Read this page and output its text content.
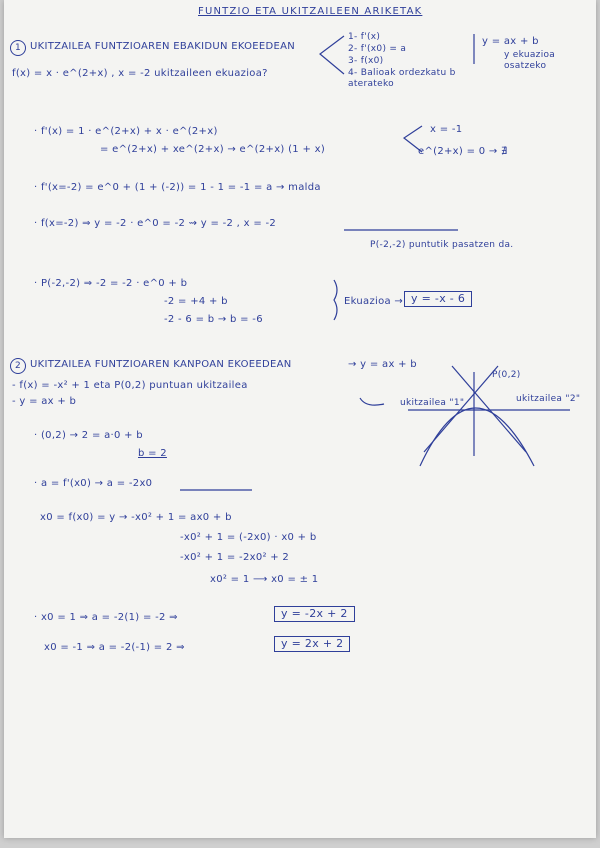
FUNTZIO ETA UKITZAILEEN ARIKETAK
1 UKITZAILEA FUNTZIOAREN EBAKIDUN EKOEEDEAN
f(x) = x · e^(2+x) , x = -2 ukitzaileen ekuazioa?
1- f'(x)
2- f'(x0) = a
3- f(x0)
4- Balioak ordezkatu b aterateko
y = ax + b
y ekuazioa osatzeko
· f'(x) = 1 · e^(2+x) + x · e^(2+x)
= e^(2+x) + xe^(2+x) → e^(2+x) (1 + x)
x = -1
e^(2+x) = 0 → ∄
· f'(x=-2) = e^0 + (1 + (-2)) = 1 - 1 = -1 = a → malda
· f(x=-2) ⇒ y = -2 · e^0 = -2 ⇝ y = -2 , x = -2
P(-2,-2) puntutik pasatzen da.
· P(-2,-2) ⇒ -2 = -2 · e^0 + b
-2 = +4 + b
-2 - 6 = b → b = -6
Ekuazioa → y = -x - 6
2 UKITZAILEA FUNTZIOAREN KANPOAN EKOEEDEAN	→ y = ax + b
- f(x) = -x² + 1 eta P(0,2) puntuan ukitzailea
- y = ax + b
P(0,2)
ukitzailea "1"	ukitzailea "2"
· (0,2) → 2 = a·0 + b
b = 2
· a = f'(x0) → a = -2x0
x0 = f(x0) = y → -x0² + 1 = ax0 + b
-x0² + 1 = (-2x0) · x0 + b
-x0² + 1 = -2x0² + 2
x0² = 1 ⟶ x0 = ± 1
· x0 = 1 ⇒ a = -2(1) = -2 ⇒	y = -2x + 2
x0 = -1 ⇒ a = -2(-1) = 2 ⇒	y = 2x + 2
